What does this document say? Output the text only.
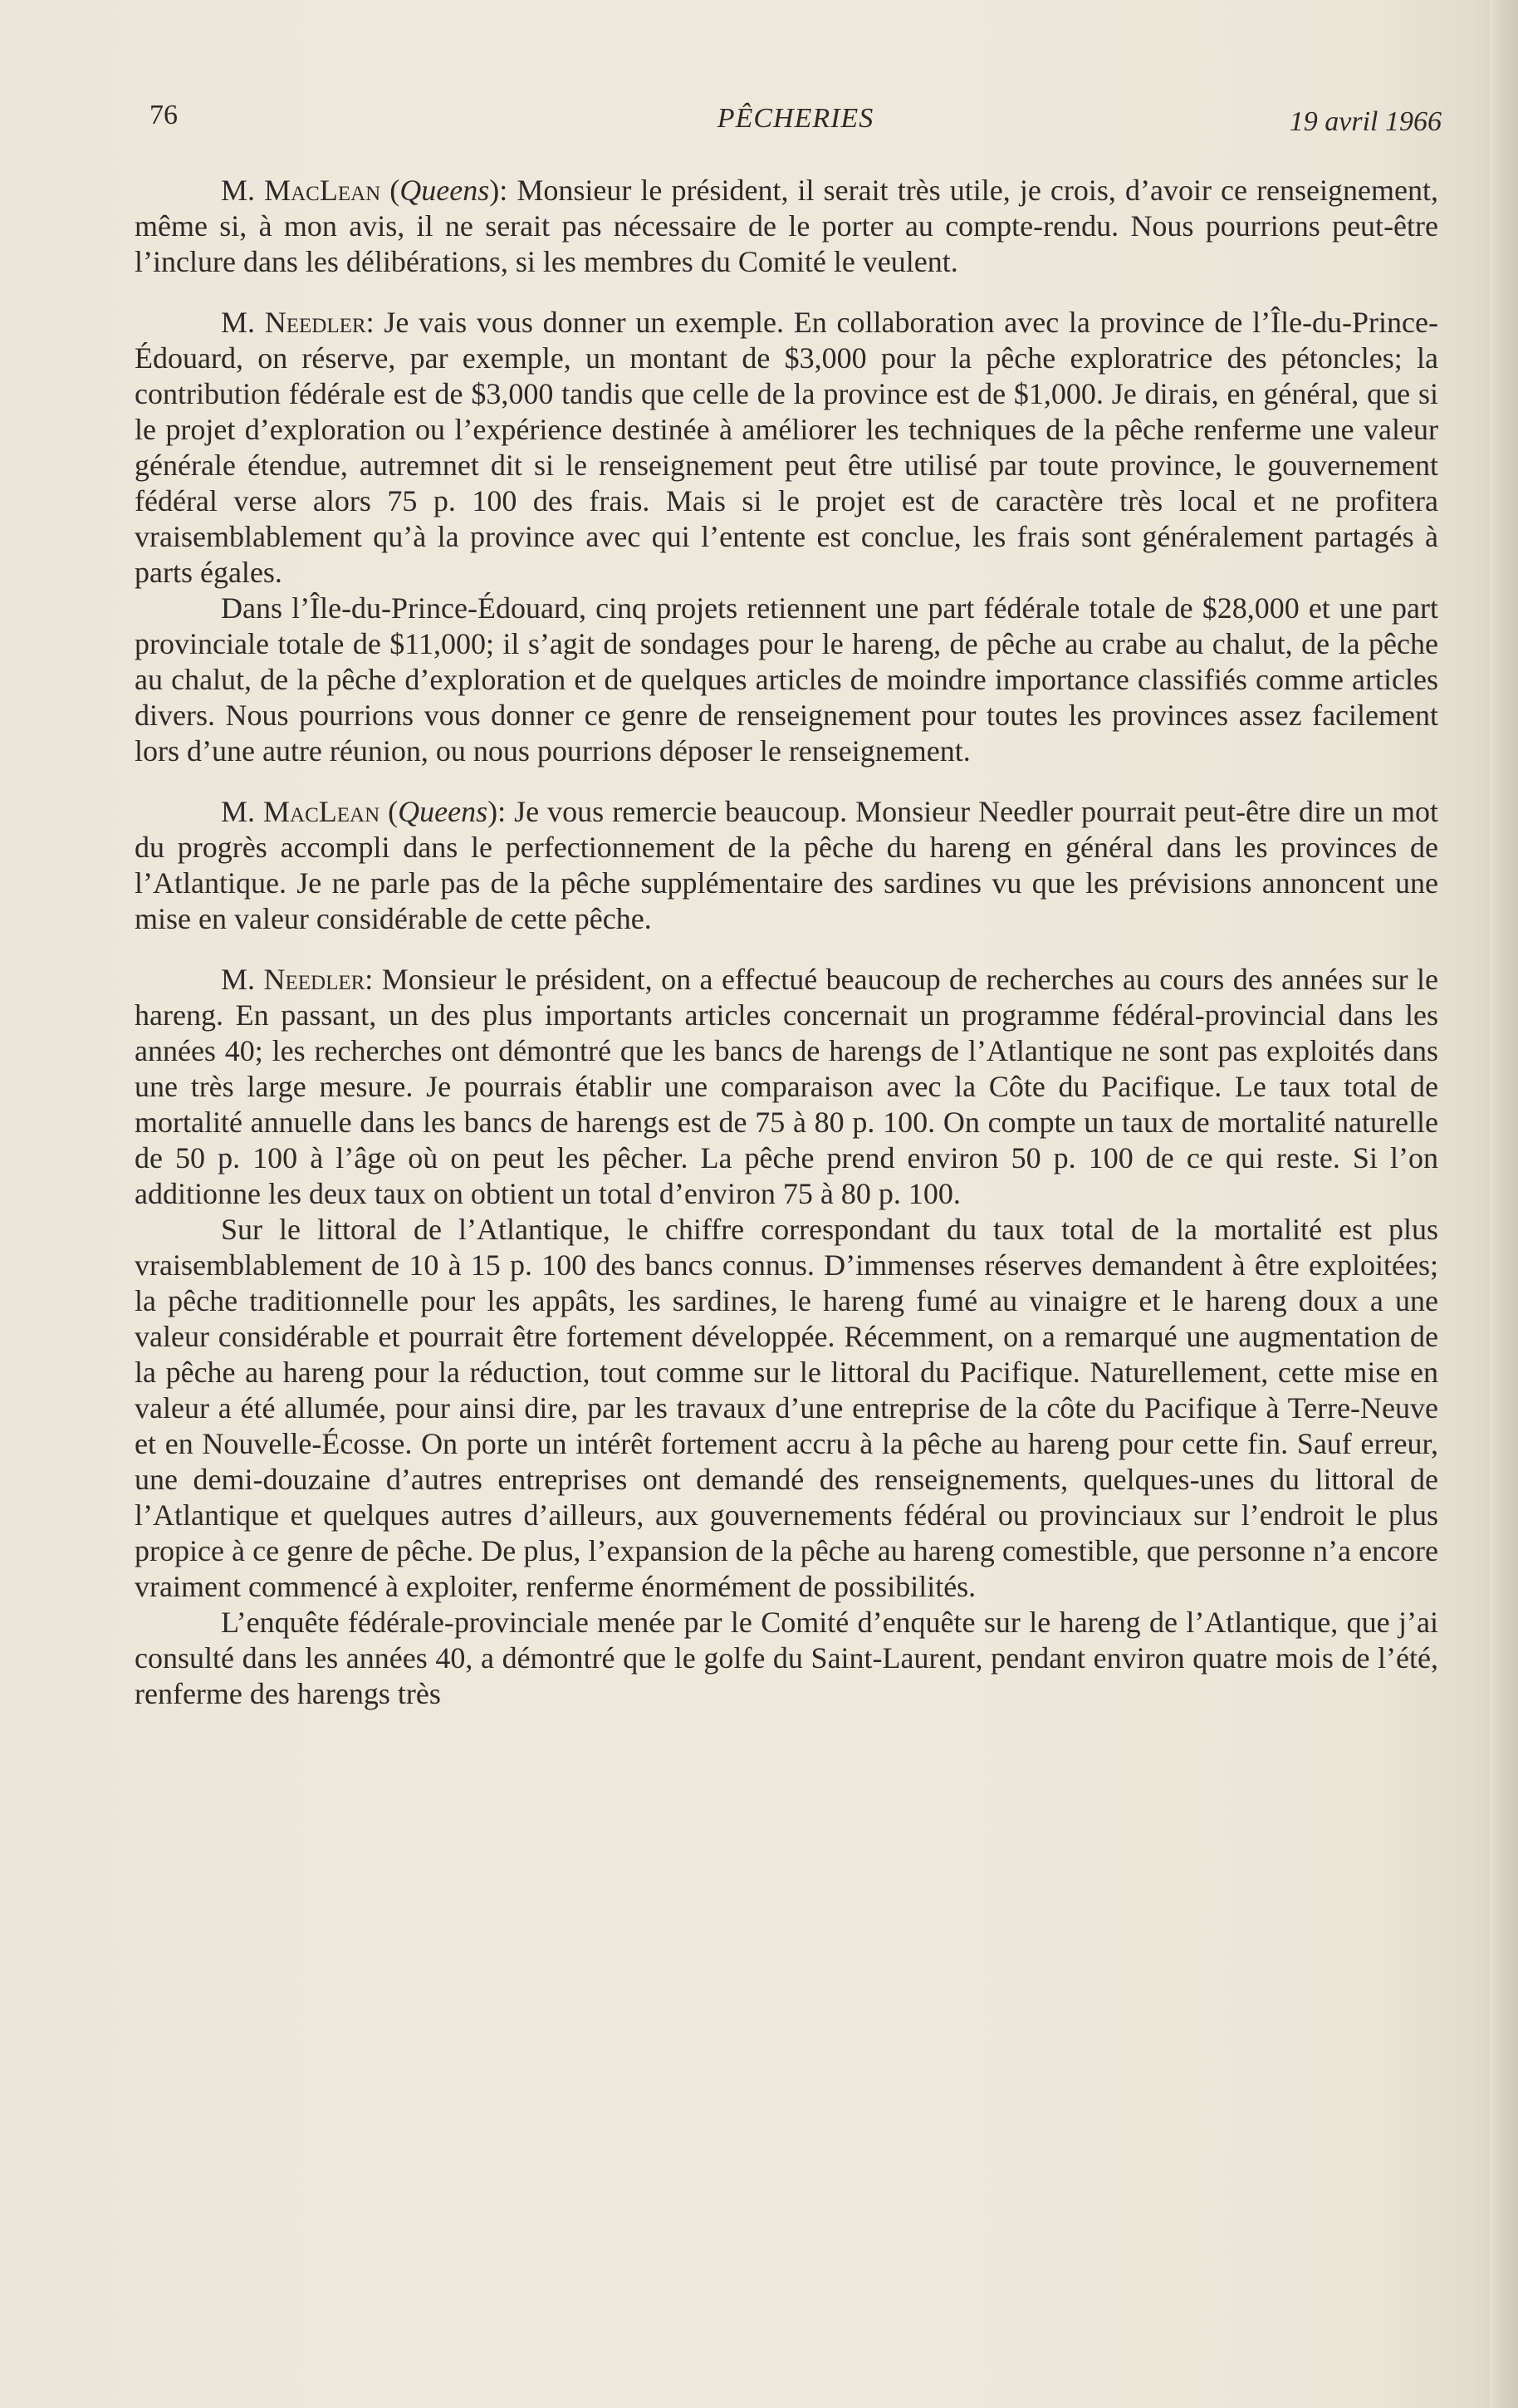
76	PÊCHERIES	19 avril 1966

M. MacLean (Queens): Monsieur le président, il serait très utile, je crois, d’avoir ce renseignement, même si, à mon avis, il ne serait pas nécessaire de le porter au compte-rendu. Nous pourrions peut-être l’inclure dans les délibérations, si les membres du Comité le veulent.

M. Needler: Je vais vous donner un exemple. En collaboration avec la province de l’Île-du-Prince-Édouard, on réserve, par exemple, un montant de $3,000 pour la pêche exploratrice des pétoncles; la contribution fédérale est de $3,000 tandis que celle de la province est de $1,000. Je dirais, en général, que si le projet d’exploration ou l’expérience destinée à améliorer les techniques de la pêche renferme une valeur générale étendue, autremnet dit si le renseignement peut être utilisé par toute province, le gouvernement fédéral verse alors 75 p. 100 des frais. Mais si le projet est de caractère très local et ne profitera vraisemblablement qu’à la province avec qui l’entente est conclue, les frais sont généralement partagés à parts égales.

Dans l’Île-du-Prince-Édouard, cinq projets retiennent une part fédérale totale de $28,000 et une part provinciale totale de $11,000; il s’agit de sondages pour le hareng, de pêche au crabe au chalut, de la pêche au chalut, de la pêche d’exploration et de quelques articles de moindre importance classifiés comme articles divers. Nous pourrions vous donner ce genre de renseignement pour toutes les provinces assez facilement lors d’une autre réunion, ou nous pourrions déposer le renseignement.

M. MacLean (Queens): Je vous remercie beaucoup. Monsieur Needler pourrait peut-être dire un mot du progrès accompli dans le perfectionnement de la pêche du hareng en général dans les provinces de l’Atlantique. Je ne parle pas de la pêche supplémentaire des sardines vu que les prévisions annoncent une mise en valeur considérable de cette pêche.

M. Needler: Monsieur le président, on a effectué beaucoup de recherches au cours des années sur le hareng. En passant, un des plus importants articles concernait un programme fédéral-provincial dans les années 40; les recherches ont démontré que les bancs de harengs de l’Atlantique ne sont pas exploités dans une très large mesure. Je pourrais établir une comparaison avec la Côte du Pacifique. Le taux total de mortalité annuelle dans les bancs de harengs est de 75 à 80 p. 100. On compte un taux de mortalité naturelle de 50 p. 100 à l’âge où on peut les pêcher. La pêche prend environ 50 p. 100 de ce qui reste. Si l’on additionne les deux taux on obtient un total d’environ 75 à 80 p. 100.

Sur le littoral de l’Atlantique, le chiffre correspondant du taux total de la mortalité est plus vraisemblablement de 10 à 15 p. 100 des bancs connus. D’immenses réserves demandent à être exploitées; la pêche traditionnelle pour les appâts, les sardines, le hareng fumé au vinaigre et le hareng doux a une valeur considérable et pourrait être fortement développée. Récemment, on a remarqué une augmentation de la pêche au hareng pour la réduction, tout comme sur le littoral du Pacifique. Naturellement, cette mise en valeur a été allumée, pour ainsi dire, par les travaux d’une entreprise de la côte du Pacifique à Terre-Neuve et en Nouvelle-Écosse. On porte un intérêt fortement accru à la pêche au hareng pour cette fin. Sauf erreur, une demi-douzaine d’autres entreprises ont demandé des renseignements, quelques-unes du littoral de l’Atlantique et quelques autres d’ailleurs, aux gouvernements fédéral ou provinciaux sur l’endroit le plus propice à ce genre de pêche. De plus, l’expansion de la pêche au hareng comestible, que personne n’a encore vraiment commencé à exploiter, renferme énormément de possibilités.

L’enquête fédérale-provinciale menée par le Comité d’enquête sur le hareng de l’Atlantique, que j’ai consulté dans les années 40, a démontré que le golfe du Saint-Laurent, pendant environ quatre mois de l’été, renferme des harengs très
